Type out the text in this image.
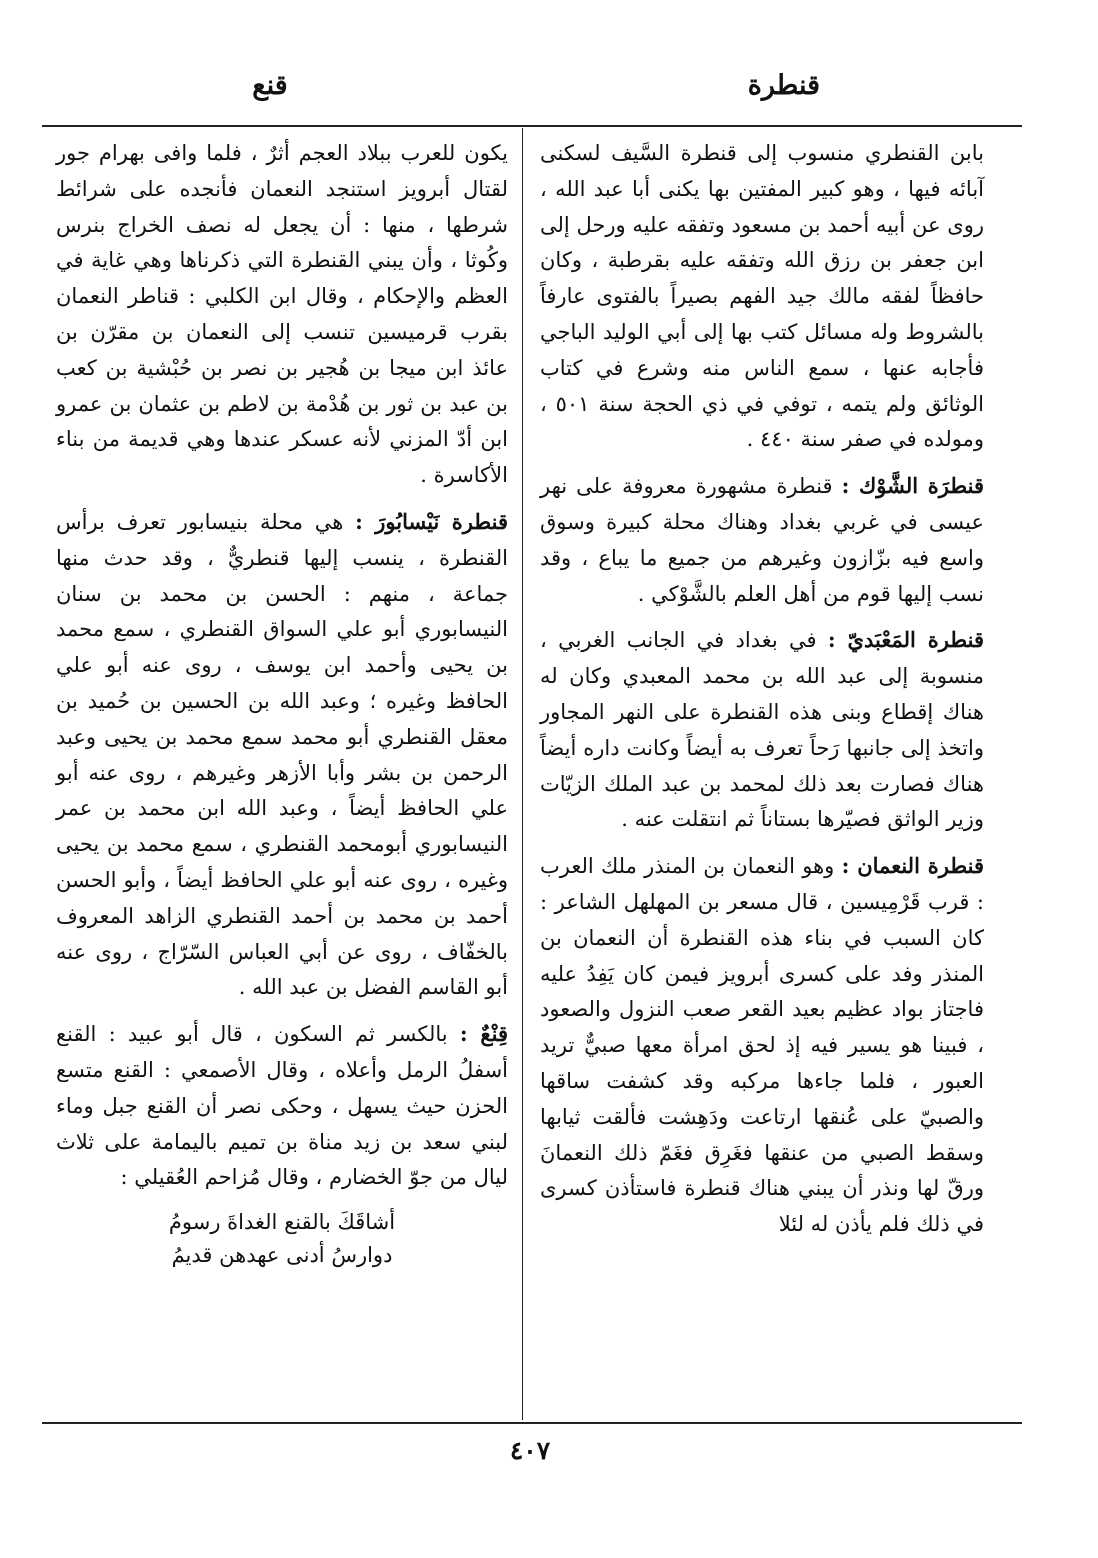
قنطرة
قنع

بابن القنطري منسوب إلى قنطرة السَّيف لسكنى آبائه فيها ، وهو كبير المفتين بها يكنى أبا عبد الله ، روى عن أبيه أحمد بن مسعود وتفقه عليه ورحل إلى ابن جعفر بن رزق الله وتفقه عليه بقرطبة ، وكان حافظاً لفقه مالك جيد الفهم بصيراً بالفتوى عارفاً بالشروط وله مسائل كتب بها إلى أبي الوليد الباجي فأجابه عنها ، سمع الناس منه وشرع في كتاب الوثائق ولم يتمه ، توفي في ذي الحجة سنة ٥٠١ ، ومولده في صفر سنة ٤٤٠ .

قنطرَة الشَّوْك : قنطرة مشهورة معروفة على نهر عيسى في غربي بغداد وهناك محلة كبيرة وسوق واسع فيه بزّازون وغيرهم من جميع ما يباع ، وقد نسب إليها قوم من أهل العلم بالشَّوْكي .

قنطرة المَعْبَديّ : في بغداد في الجانب الغربي ، منسوبة إلى عبد الله بن محمد المعبدي وكان له هناك إقطاع وبنى هذه القنطرة على النهر المجاور واتخذ إلى جانبها رَحاً تعرف به أيضاً وكانت داره أيضاً هناك فصارت بعد ذلك لمحمد بن عبد الملك الزيّات وزير الواثق فصيّرها بستاناً ثم انتقلت عنه .

قنطرة النعمان : وهو النعمان بن المنذر ملك العرب : قرب قَرْمِيسين ، قال مسعر بن المهلهل الشاعر : كان السبب في بناء هذه القنطرة أن النعمان بن المنذر وفد على كسرى أبرويز فيمن كان يَفِدُ عليه فاجتاز بواد عظيم بعيد القعر صعب النزول والصعود ، فبينا هو يسير فيه إذ لحق امرأة معها صبيٌّ تريد العبور ، فلما جاءها مركبه وقد كشفت ساقها والصبيّ على عُنقها ارتاعت ودَهِشت فألقت ثيابها وسقط الصبي من عنقها فغَرِق فغَمّ ذلك النعمانَ ورقّ لها ونذر أن يبني هناك قنطرة فاستأذن كسرى في ذلك فلم يأذن له لئلا

يكون للعرب ببلاد العجم أثرٌ ، فلما وافى بهرام جور لقتال أبرويز استنجد النعمان فأنجده على شرائط شرطها ، منها : أن يجعل له نصف الخراج بنرس وكُوثا ، وأن يبني القنطرة التي ذكرناها وهي غاية في العظم والإحكام ، وقال ابن الكلبي : قناطر النعمان بقرب قرميسين تنسب إلى النعمان بن مقرّن بن عائذ ابن ميجا بن هُجير بن نصر بن حُبْشية بن كعب بن عبد بن ثور بن هُدْمة بن لاطم بن عثمان بن عمرو ابن أدّ المزني لأنه عسكر عندها وهي قديمة من بناء الأكاسرة .

قنطرة نَيْسابُورَ : هي محلة بنيسابور تعرف برأس القنطرة ، ينسب إليها قنطريٌّ ، وقد حدث منها جماعة ، منهم : الحسن بن محمد بن سنان النيسابوري أبو علي السواق القنطري ، سمع محمد بن يحيى وأحمد ابن يوسف ، روى عنه أبو علي الحافظ وغيره ؛ وعبد الله بن الحسين بن حُميد بن معقل القنطري أبو محمد سمع محمد بن يحيى وعبد الرحمن بن بشر وأبا الأزهر وغيرهم ، روى عنه أبو علي الحافظ أيضاً ، وعبد الله ابن محمد بن عمر النيسابوري أبومحمد القنطري ، سمع محمد بن يحيى وغيره ، روى عنه أبو علي الحافظ أيضاً ، وأبو الحسن أحمد بن محمد بن أحمد القنطري الزاهد المعروف بالخفّاف ، روى عن أبي العباس السّرّاج ، روى عنه أبو القاسم الفضل بن عبد الله .

قِنْعٌ : بالكسر ثم السكون ، قال أبو عبيد : القنع أسفلُ الرمل وأعلاه ، وقال الأصمعي : القنع متسع الحزن حيث يسهل ، وحكى نصر أن القنع جبل وماء لبني سعد بن زيد مناة بن تميم باليمامة على ثلاث ليال من جوّ الخضارم ، وقال مُزاحم العُقيلي :

أشاقَكَ بالقنع الغداةَ رسومُ
دوارسُ أدنى عهدهن قديمُ
٤٠٧
